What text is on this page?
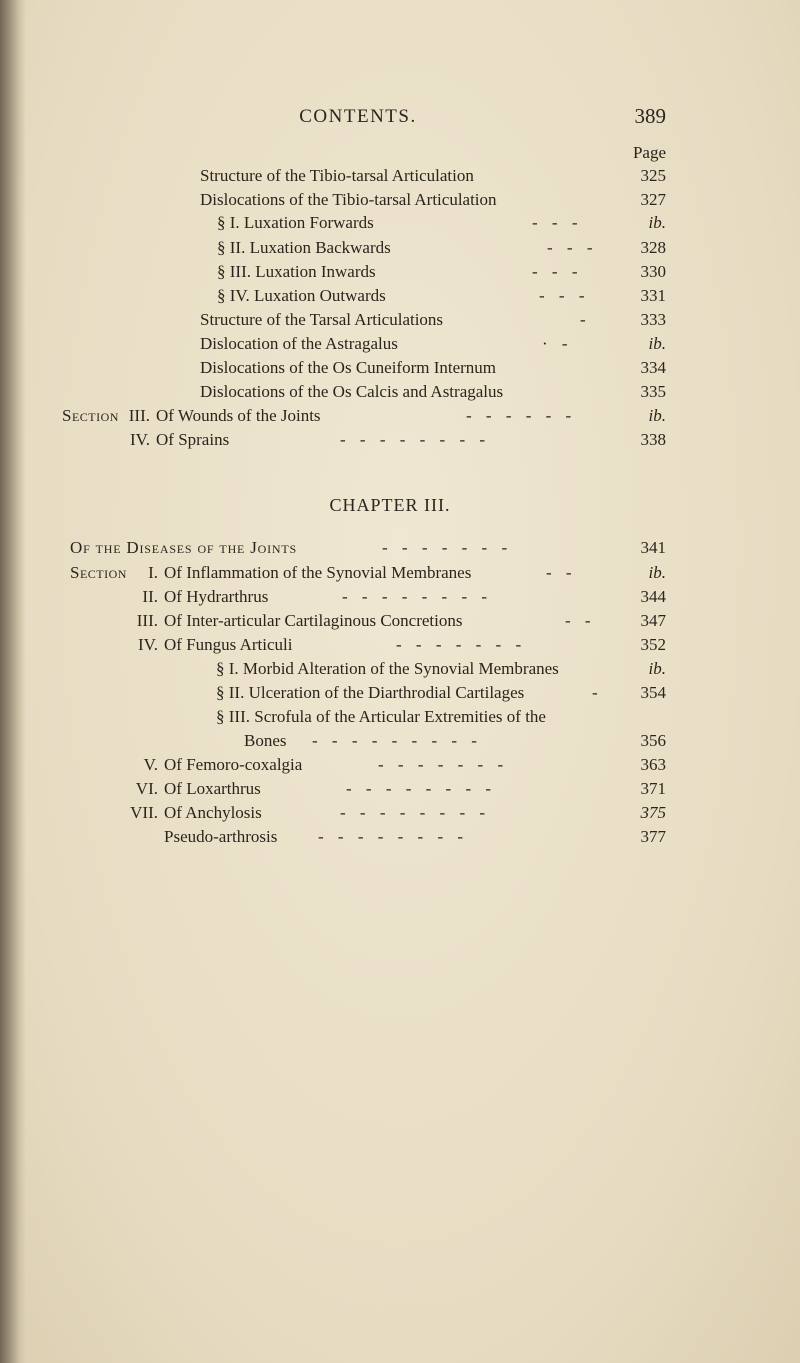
CONTENTS.	389
Page
Structure of the Tibio-tarsal Articulation	325
Dislocations of the Tibio-tarsal Articulation	327
§ I. Luxation Forwards	- - -	ib.
§ II. Luxation Backwards	- - -	328
§ III. Luxation Inwards	- - -	330
§ IV. Luxation Outwards	- - -	331
Structure of the Tarsal Articulations	-	333
Dislocation of the Astragalus	· -	ib.
Dislocations of the Os Cuneiform Internum	334
Dislocations of the Os Calcis and Astragalus	335
Section III. Of Wounds of the Joints	- - - - - -	ib.
IV. Of Sprains	- - - - - - - -	338
CHAPTER III.
Of the Diseases of the Joints	- - - - - - -	341
Section	I. Of Inflammation of the Synovial Membranes	- -	ib.
II. Of Hydrarthrus	- - - - - - - -	344
III. Of Inter-articular Cartilaginous Concretions	- -	347
IV. Of Fungus Articuli	- - - - - - -	352
§ I. Morbid Alteration of the Synovial Membranes	ib.
§ II. Ulceration of the Diarthrodial Cartilages	-	354
§ III. Scrofula of the Articular Extremities of the
Bones - - - - - - - - -	356
V. Of Femoro-coxalgia	- - - - - - -	363
VI. Of Loxarthrus	- - - - - - - -	371
VII. Of Anchylosis	- - - - - - - -	375
Pseudo-arthrosis - - - - - - - -	377
